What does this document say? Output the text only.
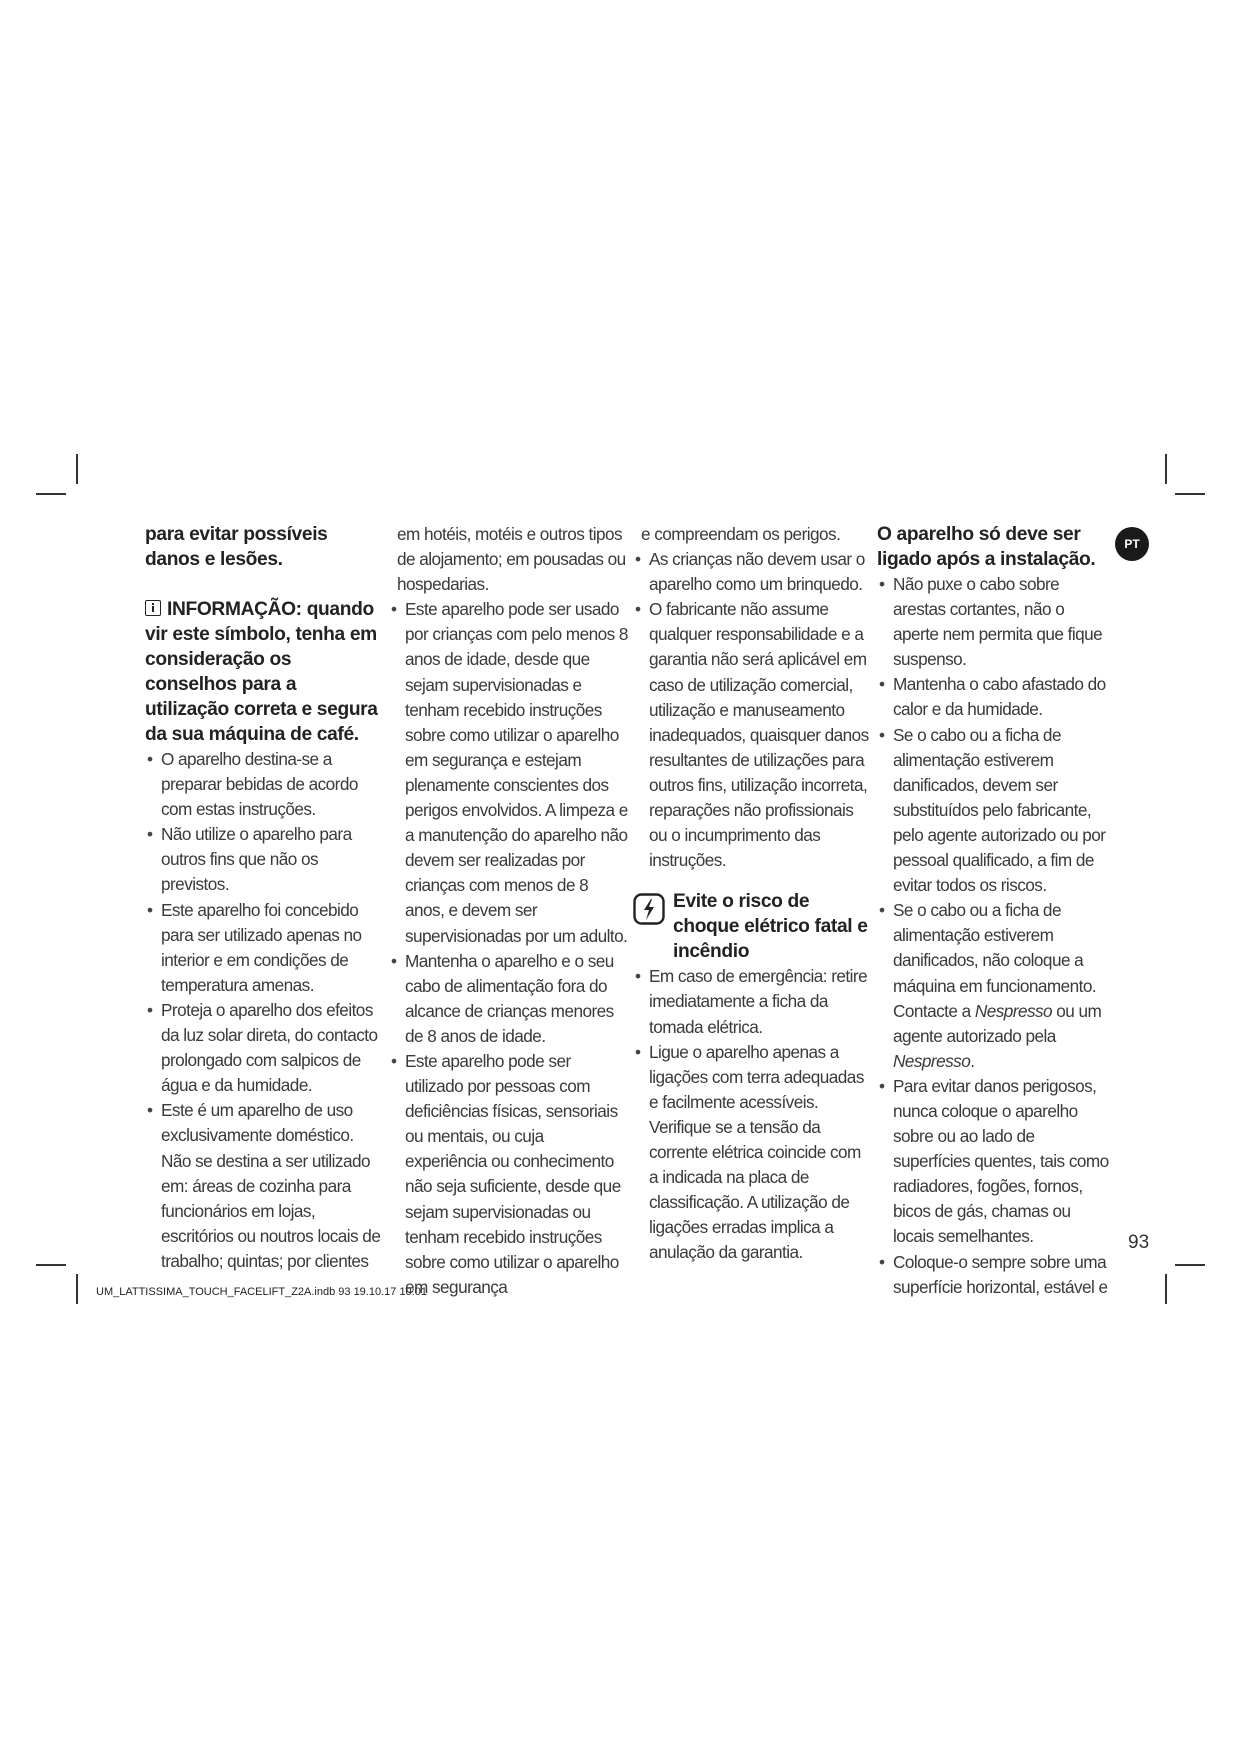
para evitar possíveis danos e lesões.

INFORMAÇÃO: quando vir este símbolo, tenha em consideração os conselhos para a utilização correta e segura da sua máquina de café.

• O aparelho destina-se a preparar bebidas de acordo com estas instruções.

• Não utilize o aparelho para outros fins que não os previstos.

• Este aparelho foi concebido para ser utilizado apenas no interior e em condições de temperatura amenas.

• Proteja o aparelho dos efeitos da luz solar direta, do contacto prolongado com salpicos de água e da humidade.

• Este é um aparelho de uso exclusivamente doméstico. Não se destina a ser utilizado em: áreas de cozinha para funcionários em lojas, escritórios ou noutros locais de trabalho; quintas; por clientes

em hotéis, motéis e outros tipos de alojamento; em pousadas ou hospedarias.

• Este aparelho pode ser usado por crianças com pelo menos 8 anos de idade, desde que sejam supervisionadas e tenham recebido instruções sobre como utilizar o aparelho em segurança e estejam plenamente conscientes dos perigos envolvidos. A limpeza e a manutenção do aparelho não devem ser realizadas por crianças com menos de 8 anos, e devem ser supervisionadas por um adulto.

• Mantenha o aparelho e o seu cabo de alimentação fora do alcance de crianças menores de 8 anos de idade.

• Este aparelho pode ser utilizado por pessoas com deficiências físicas, sensoriais ou mentais, ou cuja experiência ou conhecimento não seja suficiente, desde que sejam supervisionadas ou tenham recebido instruções sobre como utilizar o aparelho em segurança

e compreendam os perigos.

• As crianças não devem usar o aparelho como um brinquedo.

• O fabricante não assume qualquer responsabilidade e a garantia não será aplicável em caso de utilização comercial, utilização e manuseamento inadequados, quaisquer danos resultantes de utilizações para outros fins, utilização incorreta, reparações não profissionais ou o incumprimento das instruções.

Evite o risco de choque elétrico fatal e incêndio

• Em caso de emergência: retire imediatamente a ficha da tomada elétrica.

• Ligue o aparelho apenas a ligações com terra adequadas e facilmente acessíveis. Verifique se a tensão da corrente elétrica coincide com a indicada na placa de classificação. A utilização de ligações erradas implica a anulação da garantia.

O aparelho só deve ser ligado após a instalação.

• Não puxe o cabo sobre arestas cortantes, não o aperte nem permita que fique suspenso.

• Mantenha o cabo afastado do calor e da humidade.

• Se o cabo ou a ficha de alimentação estiverem danificados, devem ser substituídos pelo fabricante, pelo agente autorizado ou por pessoal qualificado, a fim de evitar todos os riscos.

• Se o cabo ou a ficha de alimentação estiverem danificados, não coloque a máquina em funcionamento. Contacte a Nespresso ou um agente autorizado pela Nespresso.

• Para evitar danos perigosos, nunca coloque o aparelho sobre ou ao lado de superfícies quentes, tais como radiadores, fogões, fornos, bicos de gás, chamas ou locais semelhantes.

• Coloque-o sempre sobre uma superfície horizontal, estável e

PT
93
UM_LATTISSIMA_TOUCH_FACELIFT_Z2A.indb 93 19.10.17 10:01
